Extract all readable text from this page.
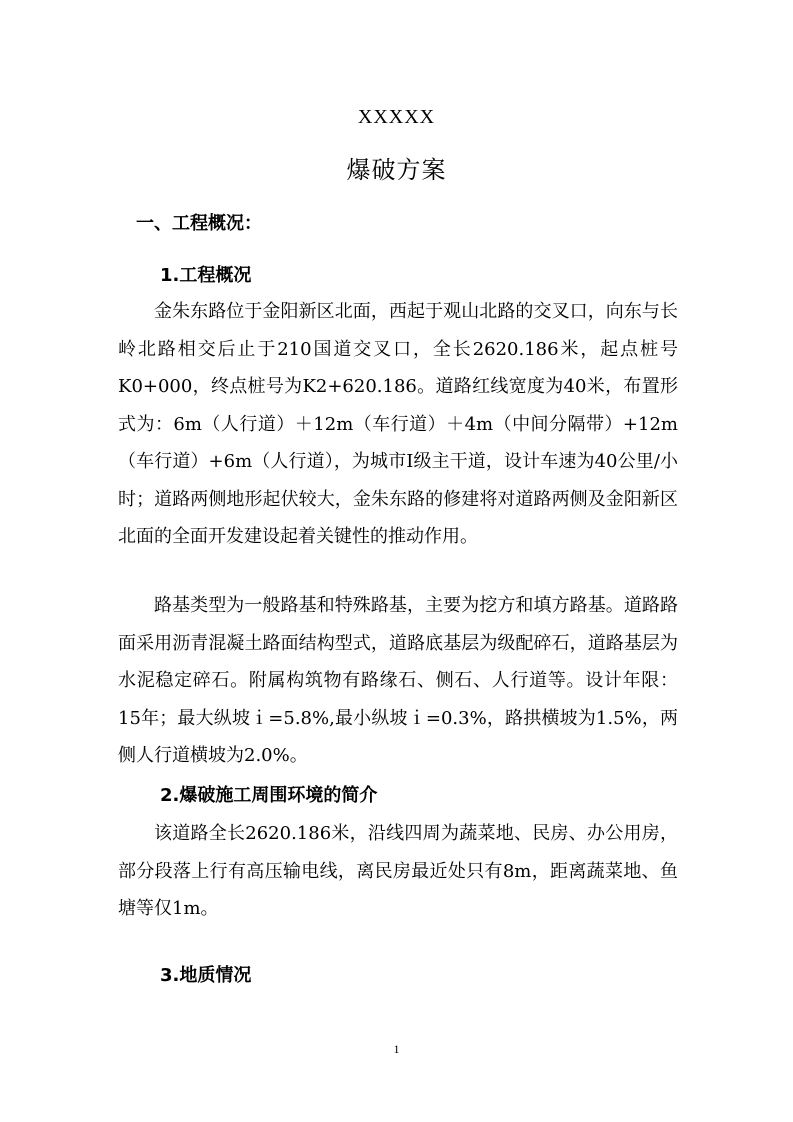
XXXXX
爆破方案
一、工程概况：
1.工程概况

金朱东路位于金阳新区北面，西起于观山北路的交叉口，向东与长岭北路相交后止于210国道交叉口，全长2620.186米，起点桩号K0+000，终点桩号为K2+620.186。道路红线宽度为40米，布置形式为：6m（人行道）＋12m（车行道）＋4m（中间分隔带）+12m（车行道）+6m（人行道），为城市Ⅰ级主干道，设计车速为40公里/小时；道路两侧地形起伏较大，金朱东路的修建将对道路两侧及金阳新区北面的全面开发建设起着关键性的推动作用。

路基类型为一般路基和特殊路基，主要为挖方和填方路基。道路路面采用沥青混凝土路面结构型式，道路底基层为级配碎石，道路基层为水泥稳定碎石。附属构筑物有路缘石、侧石、人行道等。设计年限：15年；最大纵坡ｉ=5.8%,最小纵坡ｉ=0.3%，路拱横坡为1.5%，两侧人行道横坡为2.0%。

2.爆破施工周围环境的简介

该道路全长2620.186米，沿线四周为蔬菜地、民房、办公用房，部分段落上行有高压输电线，离民房最近处只有8m，距离蔬菜地、鱼塘等仅1m。

3.地质情况
1
